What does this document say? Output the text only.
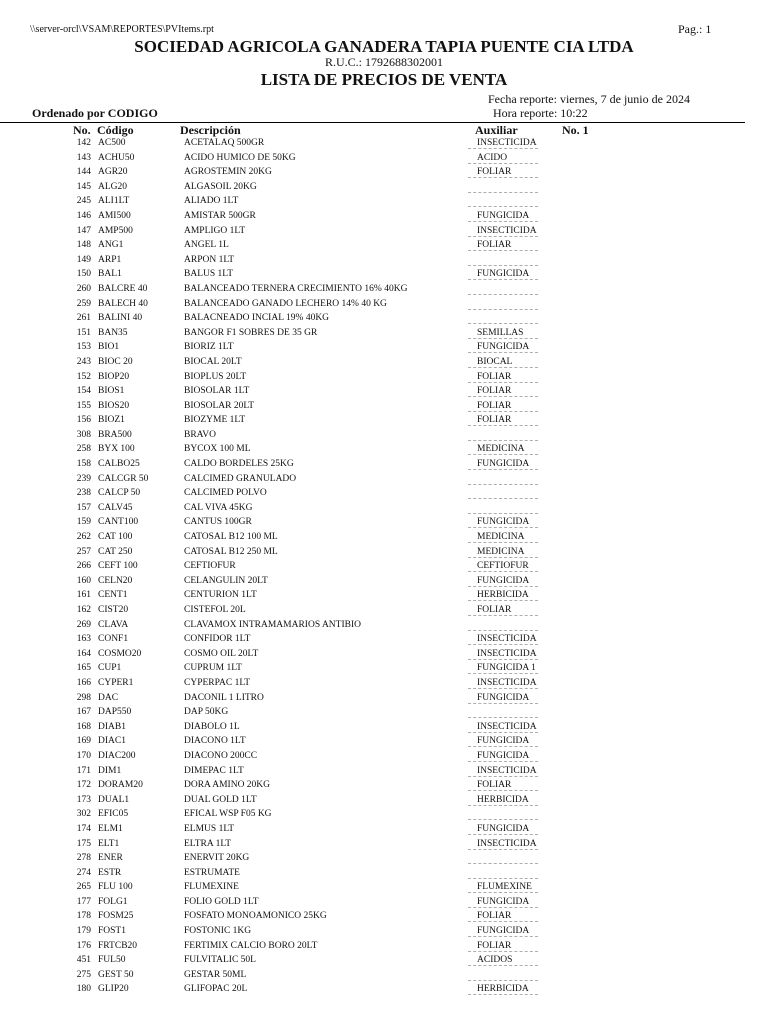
\\server-orcl\VSAM\REPORTES\PVItems.rpt	Pag.: 1
SOCIEDAD AGRICOLA GANADERA TAPIA PUENTE CIA LTDA
R.U.C.: 1792688302001
LISTA DE PRECIOS DE VENTA
Fecha reporte: viernes, 7 de junio de 2024
Ordenado por CODIGO	Hora reporte: 10:22
No. Código	Descripción	Auxiliar	No. 1
142 AC500	ACETALAQ 500GR	INSECTICIDA
143 ACHU50	ACIDO HUMICO DE 50KG	ACIDO
144 AGR20	AGROSTEMIN 20KG	FOLIAR
145 ALG20	ALGASOIL 20KG
245 ALI1LT	ALIADO 1LT
146 AMI500	AMISTAR 500GR	FUNGICIDA
147 AMP500	AMPLIGO 1LT	INSECTICIDA
148 ANG1	ANGEL 1L	FOLIAR
149 ARP1	ARPON 1LT
150 BAL1	BALUS 1LT	FUNGICIDA
260 BALCRE 40	BALANCEADO TERNERA CRECIMIENTO 16% 40KG
259 BALECH 40	BALANCEADO GANADO LECHERO 14% 40 KG
261 BALINI 40	BALACNEADO INCIAL 19% 40KG
151 BAN35	BANGOR F1 SOBRES DE 35 GR	SEMILLAS
153 BIO1	BIORIZ 1LT	FUNGICIDA
243 BIOC 20	BIOCAL 20LT	BIOCAL
152 BIOP20	BIOPLUS 20LT	FOLIAR
154 BIOS1	BIOSOLAR 1LT	FOLIAR
155 BIOS20	BIOSOLAR 20LT	FOLIAR
156 BIOZ1	BIOZYME 1LT	FOLIAR
308 BRA500	BRAVO
258 BYX 100	BYCOX 100 ML	MEDICINA
158 CALBO25	CALDO BORDELES 25KG	FUNGICIDA
239 CALCGR 50	CALCIMED GRANULADO
238 CALCP 50	CALCIMED POLVO
157 CALV45	CAL VIVA 45KG
159 CANT100	CANTUS 100GR	FUNGICIDA
262 CAT 100	CATOSAL B12 100 ML	MEDICINA
257 CAT 250	CATOSAL B12 250 ML	MEDICINA
266 CEFT 100	CEFTIOFUR	CEFTIOFUR
160 CELN20	CELANGULIN 20LT	FUNGICIDA
161 CENT1	CENTURION 1LT	HERBICIDA
162 CIST20	CISTEFOL 20L	FOLIAR
269 CLAVA	CLAVAMOX INTRAMAMARIOS ANTIBIO
163 CONF1	CONFIDOR 1LT	INSECTICIDA
164 COSMO20	COSMO OIL 20LT	INSECTICIDA
165 CUP1	CUPRUM 1LT	FUNGICIDA 1
166 CYPER1	CYPERPAC 1LT	INSECTICIDA
298 DAC	DACONIL 1 LITRO	FUNGICIDA
167 DAP550	DAP 50KG
168 DIAB1	DIABOLO 1L	INSECTICIDA
169 DIAC1	DIACONO 1LT	FUNGICIDA
170 DIAC200	DIACONO 200CC	FUNGICIDA
171 DIM1	DIMEPAC 1LT	INSECTICIDA
172 DORAM20	DORA AMINO 20KG	FOLIAR
173 DUAL1	DUAL GOLD 1LT	HERBICIDA
302 EFIC05	EFICAL WSP F05 KG
174 ELM1	ELMUS 1LT	FUNGICIDA
175 ELT1	ELTRA 1LT	INSECTICIDA
278 ENER	ENERVIT 20KG
274 ESTR	ESTRUMATE
265 FLU 100	FLUMEXINE	FLUMEXINE
177 FOLG1	FOLIO GOLD 1LT	FUNGICIDA
178 FOSM25	FOSFATO MONOAMONICO 25KG	FOLIAR
179 FOST1	FOSTONIC 1KG	FUNGICIDA
176 FRTCB20	FERTIMIX CALCIO BORO 20LT	FOLIAR
451 FUL50	FULVITALIC 50L	ACIDOS
275 GEST 50	GESTAR 50ML
180 GLIP20	GLIFOPAC 20L	HERBICIDA
